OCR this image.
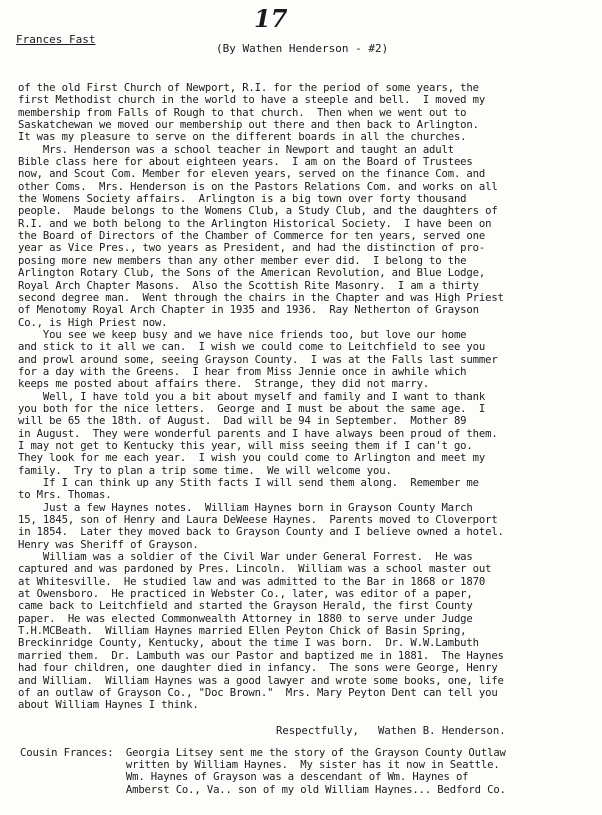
17
Frances Fast
(By Wathen Henderson - #2)
of the old First Church of Newport, R.I. for the period of some years, the
first Methodist church in the world to have a steeple and bell.  I moved my
membership from Falls of Rough to that church.  Then when we went out to
Saskatchewan we moved our membership out there and then back to Arlington.
It was my pleasure to serve on the different boards in all the churches.
Mrs. Henderson was a school teacher in Newport and taught an adult
Bible class here for about eighteen years.  I am on the Board of Trustees
now, and Scout Com. Member for eleven years, served on the finance Com. and
other Coms.  Mrs. Henderson is on the Pastors Relations Com. and works on all
the Womens Society affairs.  Arlington is a big town over forty thousand
people.  Maude belongs to the Womens Club, a Study Club, and the daughters of
R.I. and we both belong to the Arlington Historical Society.  I have been on
the Board of Directors of the Chamber of Commerce for ten years, served one
year as Vice Pres., two years as President, and had the distinction of pro-
posing more new members than any other member ever did.  I belong to the
Arlington Rotary Club, the Sons of the American Revolution, and Blue Lodge,
Royal Arch Chapter Masons.  Also the Scottish Rite Masonry.  I am a thirty
second degree man.  Went through the chairs in the Chapter and was High Priest
of Menotomy Royal Arch Chapter in 1935 and 1936.  Ray Netherton of Grayson
Co., is High Priest now.
You see we keep busy and we have nice friends too, but love our home
and stick to it all we can.  I wish we could come to Leitchfield to see you
and prowl around some, seeing Grayson County.  I was at the Falls last summer
for a day with the Greens.  I hear from Miss Jennie once in awhile which
keeps me posted about affairs there.  Strange, they did not marry.
Well, I have told you a bit about myself and family and I want to thank
you both for the nice letters.  George and I must be about the same age.  I
will be 65 the 18th. of August.  Dad will be 94 in September.  Mother 89
in August.  They were wonderful parents and I have always been proud of them.
I may not get to Kentucky this year, will miss seeing them if I can't go.
They look for me each year.  I wish you could come to Arlington and meet my
family.  Try to plan a trip some time.  We will welcome you.
If I can think up any Stith facts I will send them along.  Remember me
to Mrs. Thomas.
Just a few Haynes notes.  William Haynes born in Grayson County March
15, 1845, son of Henry and Laura DeWeese Haynes.  Parents moved to Cloverport
in 1854.  Later they moved back to Grayson County and I believe owned a hotel.
Henry was Sheriff of Grayson.
William was a soldier of the Civil War under General Forrest.  He was
captured and was pardoned by Pres. Lincoln.  William was a school master out
at Whitesville.  He studied law and was admitted to the Bar in 1868 or 1870
at Owensboro.  He practiced in Webster Co., later, was editor of a paper,
came back to Leitchfield and started the Grayson Herald, the first County
paper.  He was elected Commonwealth Attorney in 1880 to serve under Judge
T.H.MCBeath.  William Haynes married Ellen Peyton Chick of Basin Spring,
Breckinridge County, Kentucky, about the time I was born.  Dr. W.W.Lambuth
married them.  Dr. Lambuth was our Pastor and baptized me in 1881.  The Haynes
had four children, one daughter died in infancy.  The sons were George, Henry
and William.  William Haynes was a good lawyer and wrote some books, one, life
of an outlaw of Grayson Co., "Doc Brown."  Mrs. Mary Peyton Dent can tell you
about William Haynes I think.
Respectfully,   Wathen B. Henderson.
Cousin Frances:  Georgia Litsey sent me the story of the Grayson County Outlaw
written by William Haynes.  My sister has it now in Seattle.
Wm. Haynes of Grayson was a descendant of Wm. Haynes of
Amberst Co., Va.. son of my old William Haynes... Bedford Co.
